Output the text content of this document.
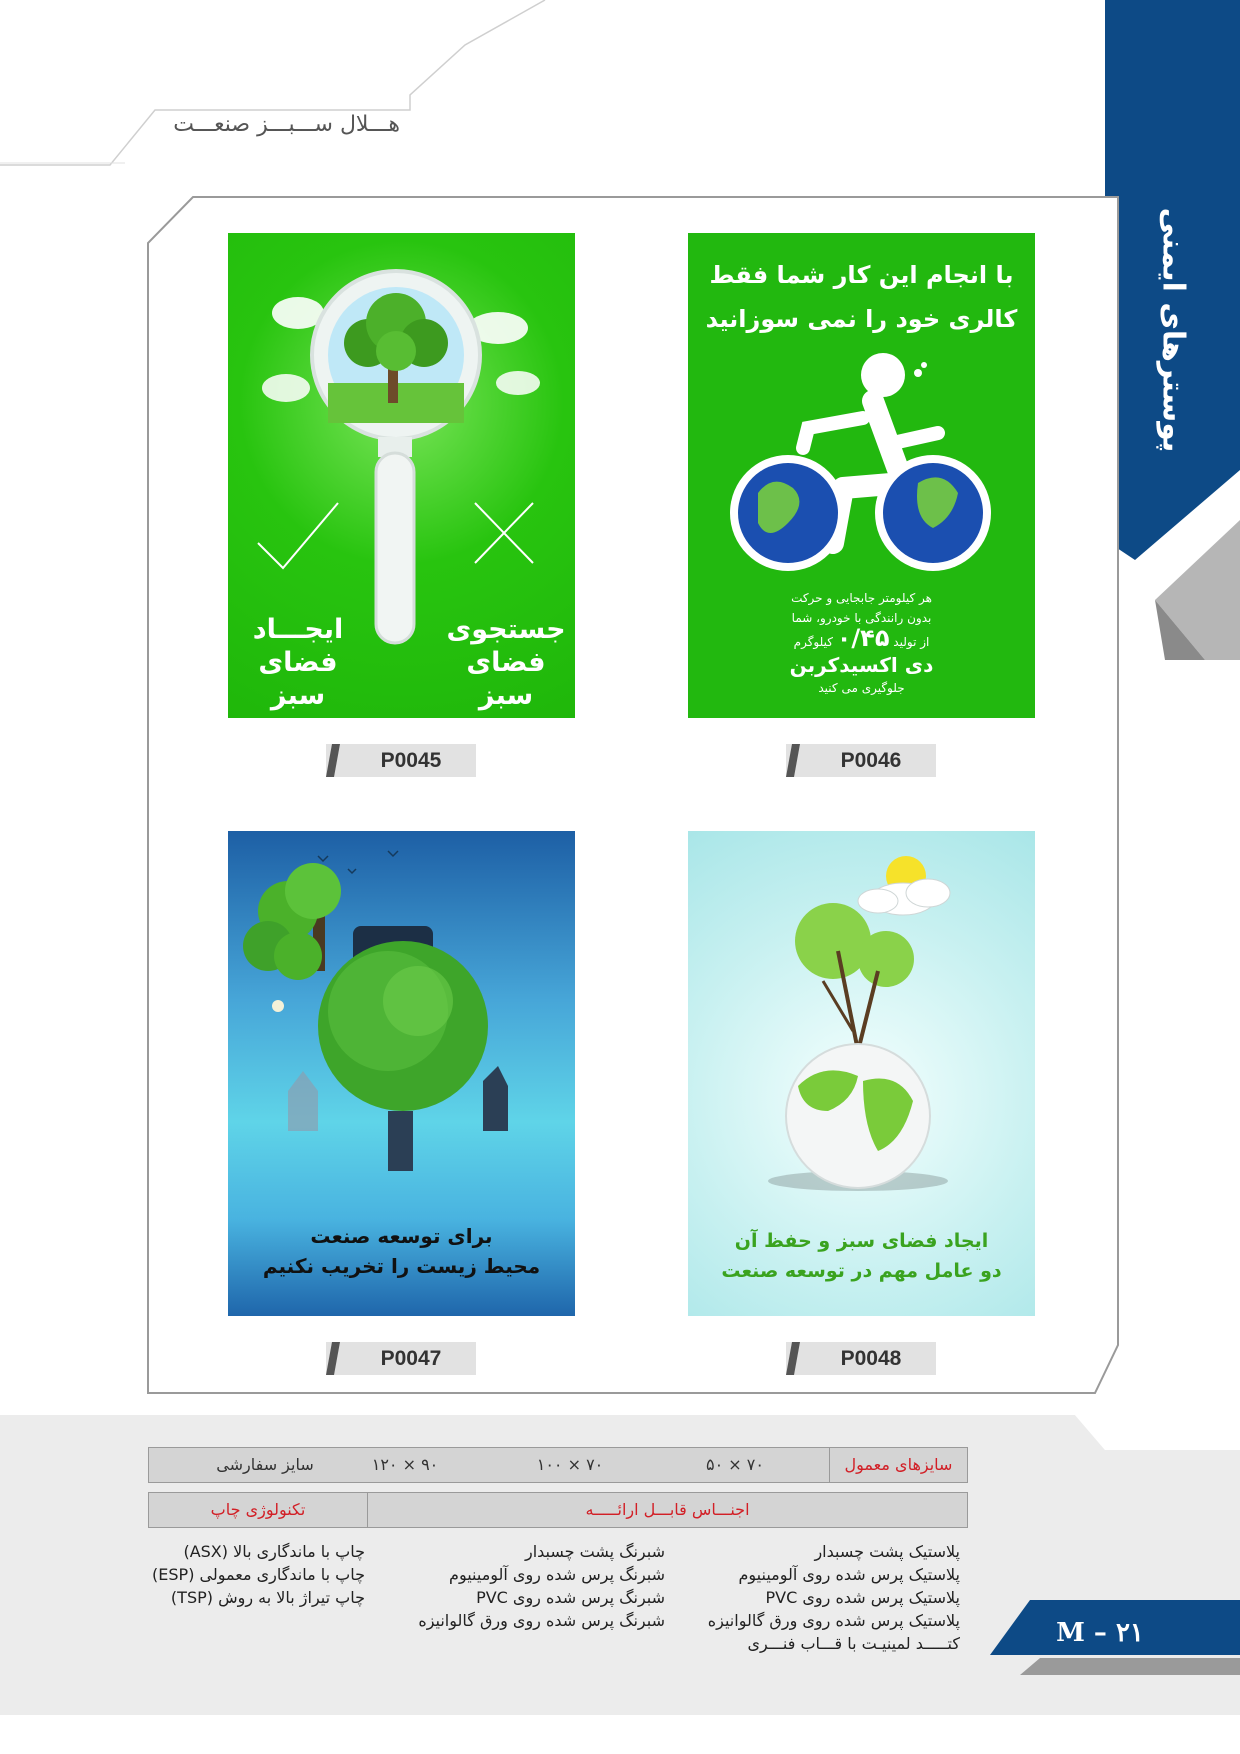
هـــلال ســـبـــز صنعـــت
پوسترهای ایمنی
ایجـــاد
فضای سبز
جستجوی
فضای سبز
با انجام این کار شما فقط
کالری خود را نمی سوزانید
هر کیلومتر جابجایی و حرکت
بدون رانندگی با خودرو، شما
از تولید ۰/۴۵ کیلوگرم
دی اکسیدکربن
جلوگیری می کنید
برای توسعه صنعت
محیط زیست را تخریب نکنیم
ایجاد فضای سبز و حفظ آن
دو عامل مهم در توسعه صنعت
P0045	P0046
P0047	P0048
سایزهای معمول
۵۰ × ۷۰
۱۰۰ × ۷۰
۱۲۰ × ۹۰
سایز سفارشی
اجنـــاس قابـــل ارائـــــه
تکنولوژی چاپ
پلاستیک پشت چسبدار
پلاستیک پرس شده روی آلومینیوم
پلاستیک پرس شده روی PVC
پلاستیک پرس شده روی ورق گالوانیزه
کتـــــد لمینیـت با قـــاب فنـــری
شبرنگ پشت چسبدار
شبرنگ پرس شده روی آلومینیوم
شبرنگ پرس شده روی PVC
شبرنگ پرس شده روی ورق گالوانیزه
چاپ با ماندگاری بالا (ASX)
چاپ با ماندگاری معمولی (ESP)
چاپ تیراژ بالا به روش (TSP)
M – ۲۱
